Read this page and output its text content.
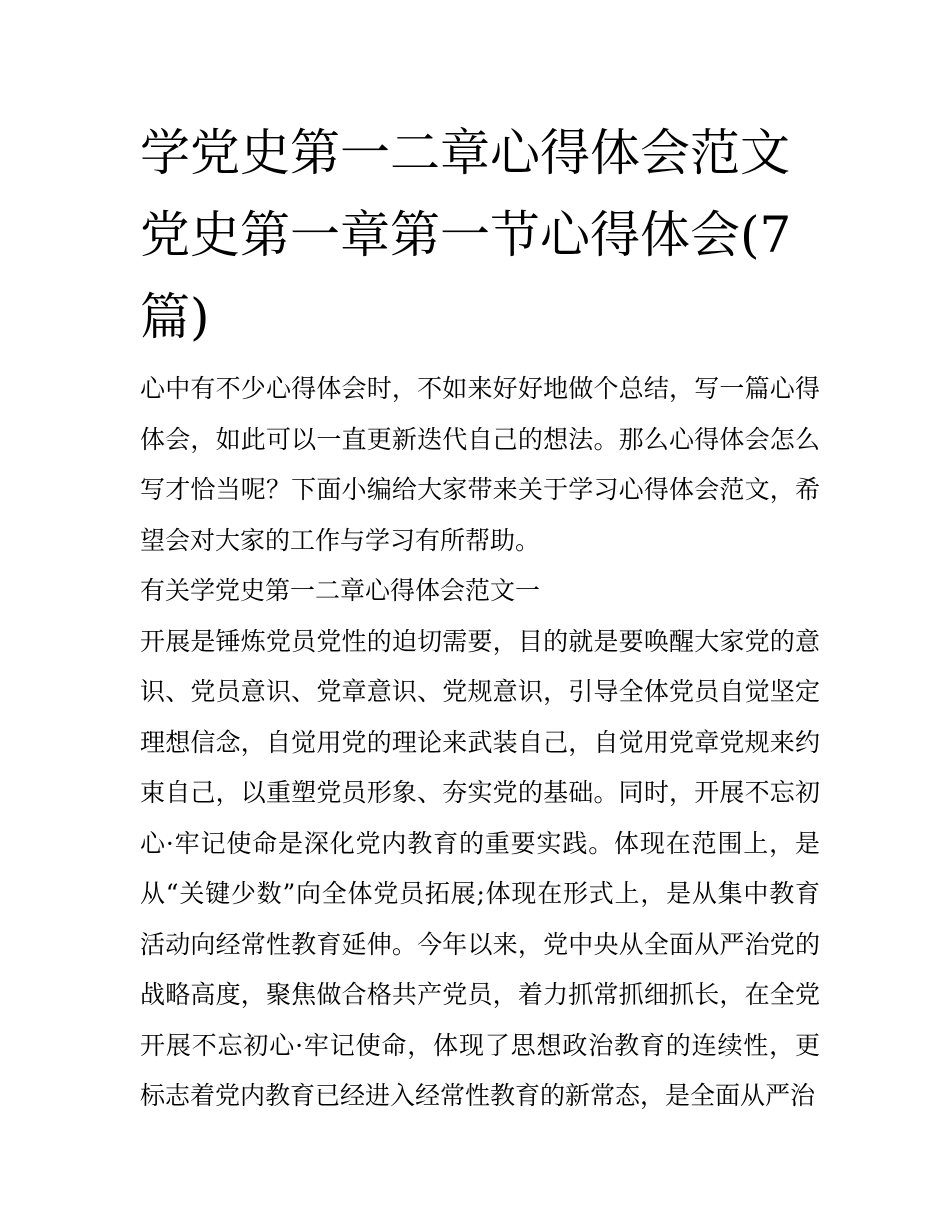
学党史第一二章心得体会范文党史第一章第一节心得体会(7篇)

心中有不少心得体会时，不如来好好地做个总结，写一篇心得体会，如此可以一直更新迭代自己的想法。那么心得体会怎么写才恰当呢？下面小编给大家带来关于学习心得体会范文，希望会对大家的工作与学习有所帮助。

有关学党史第一二章心得体会范文一

开展是锤炼党员党性的迫切需要，目的就是要唤醒大家党的意识、党员意识、党章意识、党规意识，引导全体党员自觉坚定理想信念，自觉用党的理论来武装自己，自觉用党章党规来约束自己，以重塑党员形象、夯实党的基础。同时，开展不忘初心·牢记使命是深化党内教育的重要实践。体现在范围上，是从“关键少数”向全体党员拓展;体现在形式上，是从集中教育活动向经常性教育延伸。今年以来，党中央从全面从严治党的战略高度，聚焦做合格共产党员，着力抓常抓细抓长，在全党开展不忘初心·牢记使命，体现了思想政治教育的连续性，更标志着党内教育已经进入经常性教育的新常态，是全面从严治
